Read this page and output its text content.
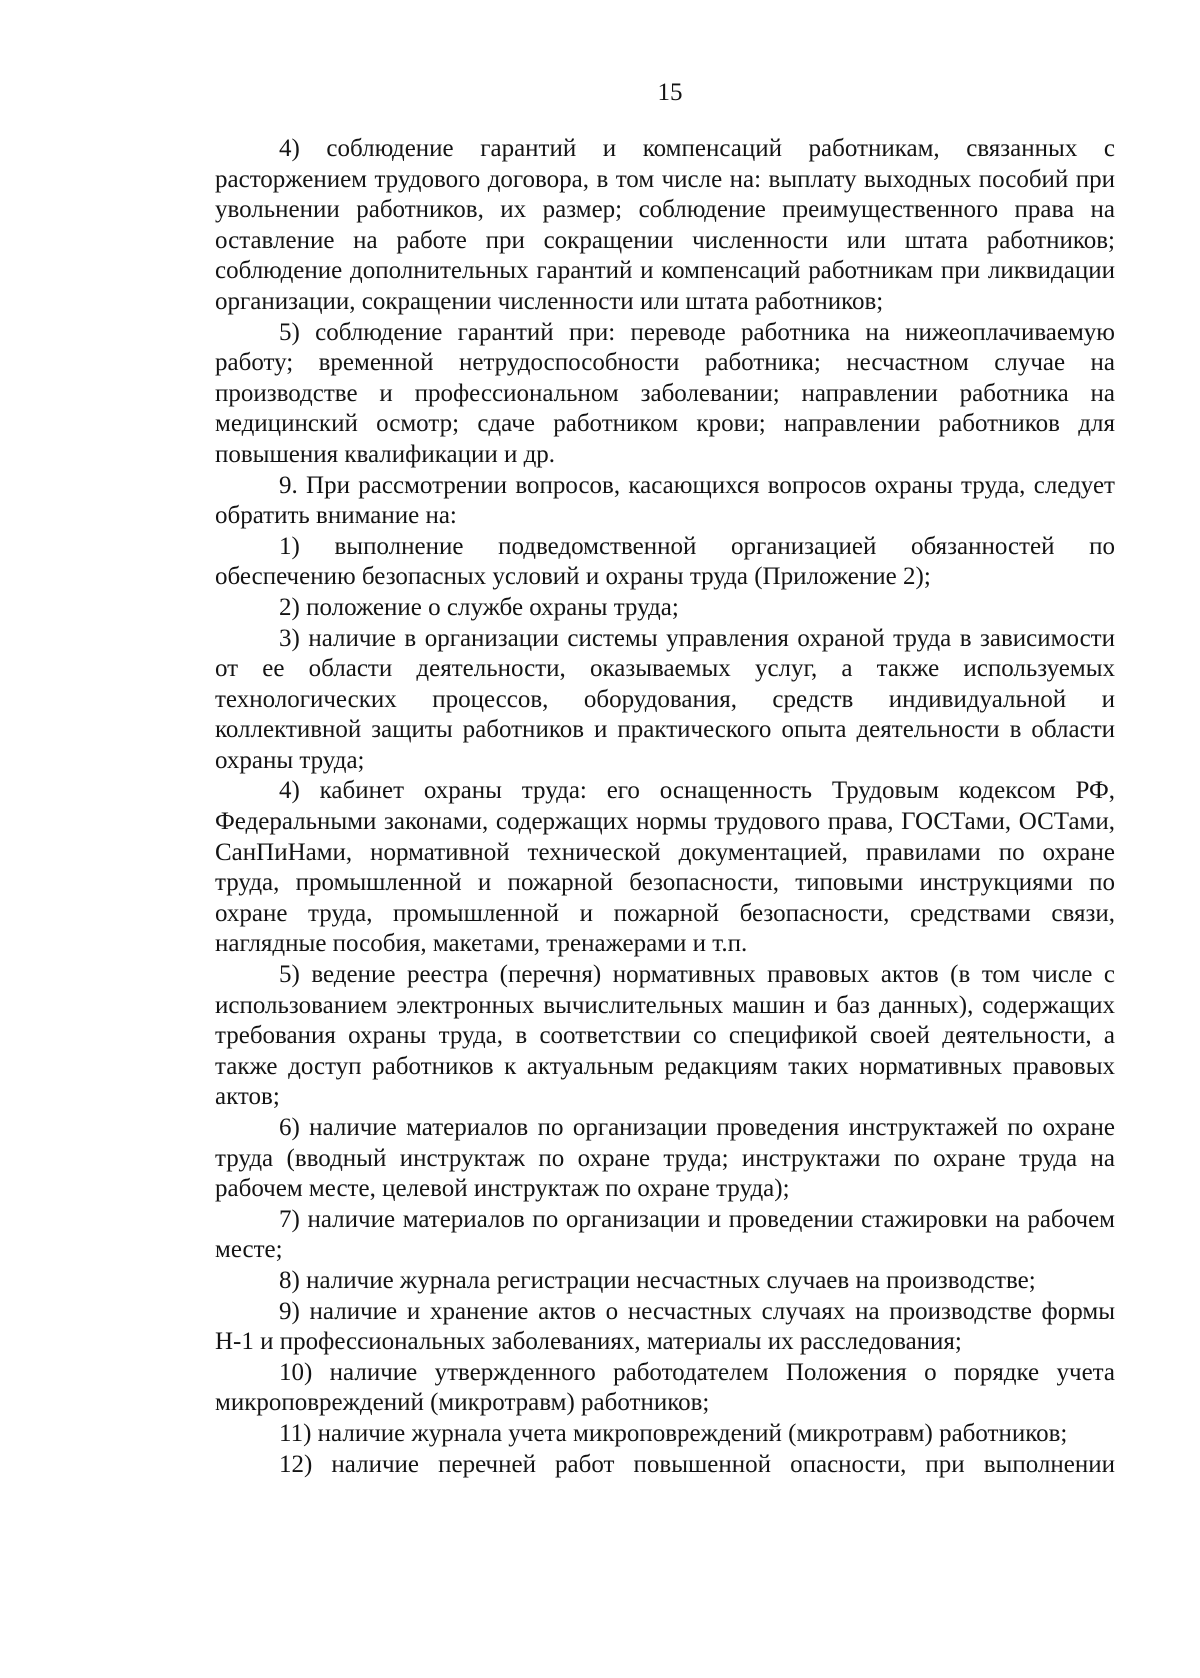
15

4) соблюдение гарантий и компенсаций работникам, связанных с расторжением трудового договора, в том числе на: выплату выходных пособий при увольнении работников, их размер; соблюдение преимущественного права на оставление на работе при сокращении численности или штата работников; соблюдение дополнительных гарантий и компенсаций работникам при ликвидации организации, сокращении численности или штата работников;

5) соблюдение гарантий при: переводе работника на нижеоплачиваемую работу; временной нетрудоспособности работника; несчастном случае на производстве и профессиональном заболевании; направлении работника на медицинский осмотр; сдаче работником крови; направлении работников для повышения квалификации и др.

9. При рассмотрении вопросов, касающихся вопросов охраны труда, следует обратить внимание на:

1) выполнение подведомственной организацией обязанностей по обеспечению безопасных условий и охраны труда (Приложение 2);

2) положение о службе охраны труда;

3) наличие в организации системы управления охраной труда в зависимости от ее области деятельности, оказываемых услуг, а также используемых технологических процессов, оборудования, средств индивидуальной и коллективной защиты работников и практического опыта деятельности в области охраны труда;

4) кабинет охраны труда: его оснащенность Трудовым кодексом РФ, Федеральными законами, содержащих нормы трудового права, ГОСТами, ОСТами, СанПиНами, нормативной технической документацией, правилами по охране труда, промышленной и пожарной безопасности, типовыми инструкциями по охране труда, промышленной и пожарной безопасности, средствами связи, наглядные пособия, макетами, тренажерами и т.п.

5) ведение реестра (перечня) нормативных правовых актов (в том числе с использованием электронных вычислительных машин и баз данных), содержащих требования охраны труда, в соответствии со спецификой своей деятельности, а также доступ работников к актуальным редакциям таких нормативных правовых актов;

6) наличие материалов по организации проведения инструктажей по охране труда (вводный инструктаж по охране труда; инструктажи по охране труда на рабочем месте, целевой инструктаж по охране труда);

7) наличие материалов по организации и проведении стажировки на рабочем месте;

8) наличие журнала регистрации несчастных случаев на производстве;

9) наличие и хранение актов о несчастных случаях на производстве формы Н-1 и профессиональных заболеваниях, материалы их расследования;

10) наличие утвержденного работодателем Положения о порядке учета микроповреждений (микротравм) работников;

11) наличие журнала учета микроповреждений (микротравм) работников;

12) наличие перечней работ повышенной опасности, при выполнении
